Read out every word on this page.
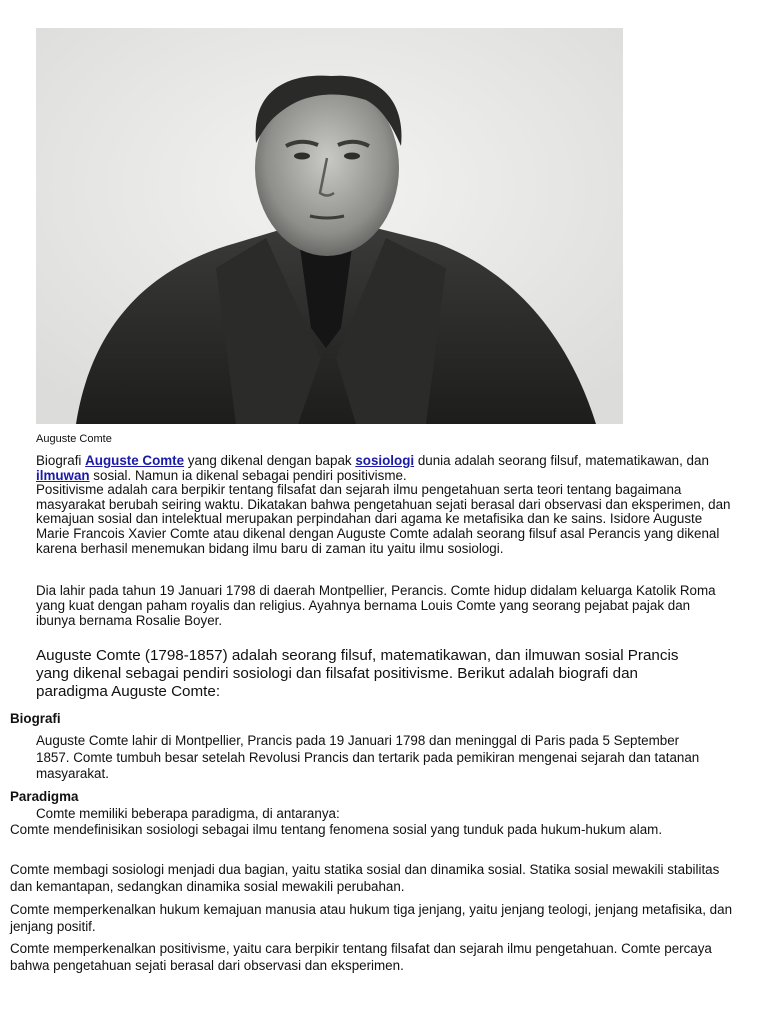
Auguste Comte

Biografi Auguste Comte yang dikenal dengan bapak sosiologi dunia adalah seorang filsuf, matematikawan, dan ilmuwan sosial. Namun ia dikenal sebagai pendiri positivisme.
Positivisme adalah cara berpikir tentang filsafat dan sejarah ilmu pengetahuan serta teori tentang bagaimana masyarakat berubah seiring waktu. Dikatakan bahwa pengetahuan sejati berasal dari observasi dan eksperimen, dan kemajuan sosial dan intelektual merupakan perpindahan dari agama ke metafisika dan ke sains. Isidore Auguste Marie Francois Xavier Comte atau dikenal dengan Auguste Comte adalah seorang filsuf asal Perancis yang dikenal karena berhasil menemukan bidang ilmu baru di zaman itu yaitu ilmu sosiologi.

Dia lahir pada tahun 19 Januari 1798 di daerah Montpellier, Perancis. Comte hidup didalam keluarga Katolik Roma yang kuat dengan paham royalis dan religius. Ayahnya bernama Louis Comte yang seorang pejabat pajak dan ibunya bernama Rosalie Boyer.

Auguste Comte (1798-1857) adalah seorang filsuf, matematikawan, dan ilmuwan sosial Prancis yang dikenal sebagai pendiri sosiologi dan filsafat positivisme. Berikut adalah biografi dan paradigma Auguste Comte:

Biografi

Auguste Comte lahir di Montpellier, Prancis pada 19 Januari 1798 dan meninggal di Paris pada 5 September 1857. Comte tumbuh besar setelah Revolusi Prancis dan tertarik pada pemikiran mengenai sejarah dan tatanan masyarakat.

Paradigma
Comte memiliki beberapa paradigma, di antaranya:

Comte mendefinisikan sosiologi sebagai ilmu tentang fenomena sosial yang tunduk pada hukum-hukum alam.

Comte membagi sosiologi menjadi dua bagian, yaitu statika sosial dan dinamika sosial. Statika sosial mewakili stabilitas dan kemantapan, sedangkan dinamika sosial mewakili perubahan.

Comte memperkenalkan hukum kemajuan manusia atau hukum tiga jenjang, yaitu jenjang teologi, jenjang metafisika, dan jenjang positif.

Comte memperkenalkan positivisme, yaitu cara berpikir tentang filsafat dan sejarah ilmu pengetahuan. Comte percaya bahwa pengetahuan sejati berasal dari observasi dan eksperimen.
